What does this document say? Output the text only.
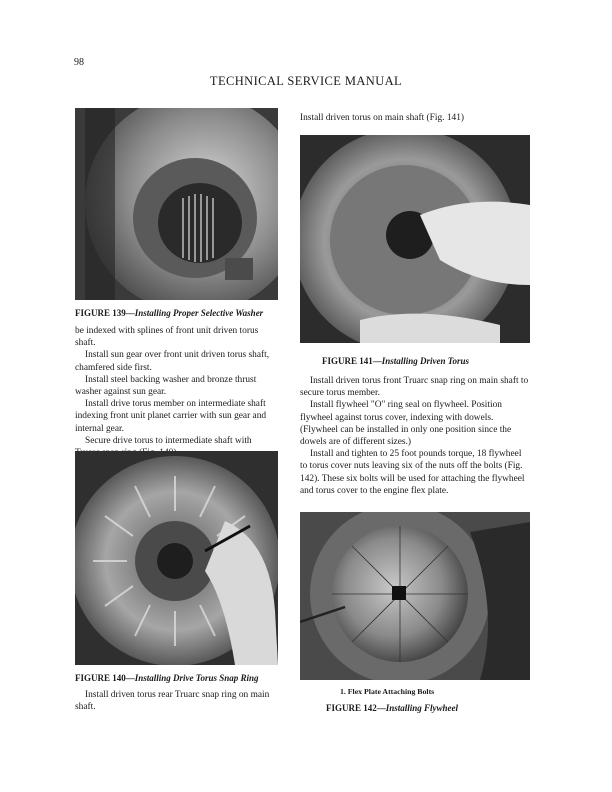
98
TECHNICAL SERVICE MANUAL
FIGURE 139—Installing Proper Selective Washer

be indexed with splines of front unit driven torus shaft.

Install sun gear over front unit driven torus shaft, chamfered side first.

Install steel backing washer and bronze thrust washer against sun gear.

Install drive torus member on intermediate shaft indexing front unit planet carrier with sun gear and internal gear.

Secure drive torus to intermediate shaft with

FIGURE 140—Installing Drive Torus Snap Ring

Install driven torus rear Truarc snap ring on main shaft.

Install driven torus on main shaft (Fig. 141)

FIGURE 141—Installing Driven Torus

Install driven torus front Truarc snap ring on main shaft to secure torus member.

Install flywheel "O" ring seal on flywheel. Position flywheel against torus cover, indexing with dowels. (Flywheel can be installed in only one position since the dowels are of different sizes.)

Install and tighten to 25 foot pounds torque, 18 flywheel to torus cover nuts leaving six of the nuts off the bolts (Fig. 142). These six bolts will be used for attaching the flywheel and torus cover to the engine flex plate.

1. Flex Plate Attaching Bolts
FIGURE 142—Installing Flywheel
